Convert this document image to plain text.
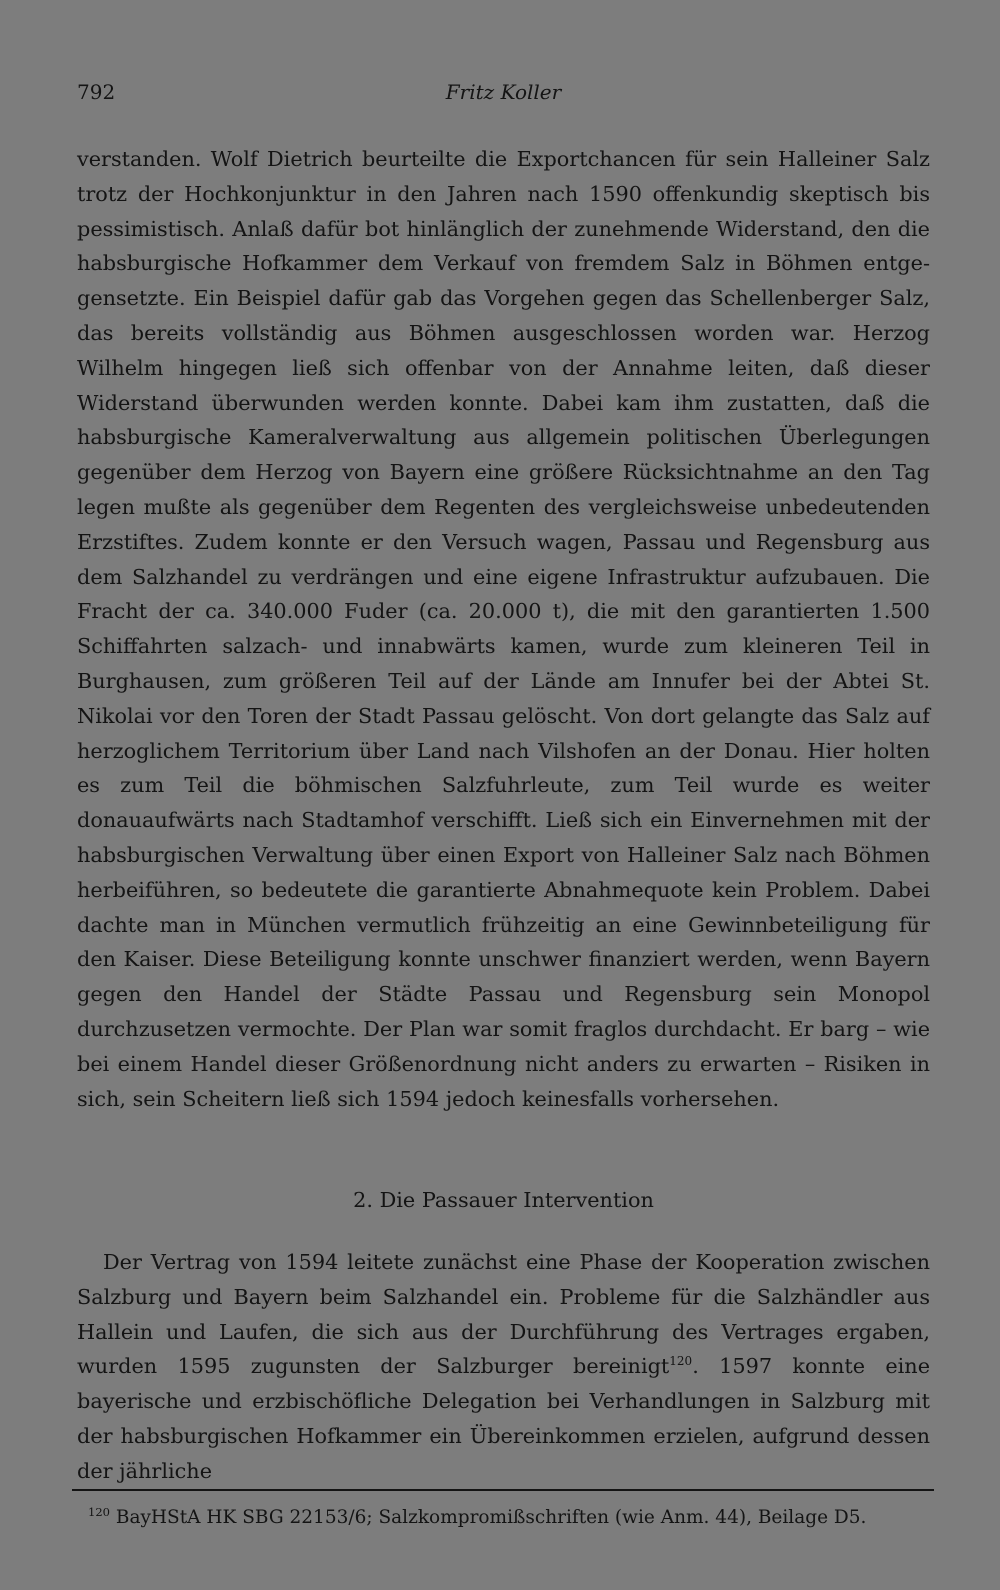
792	Fritz Koller

verstanden. Wolf Dietrich beurteilte die Exportchancen für sein Halleiner Salz trotz der Hochkonjunktur in den Jahren nach 1590 offenkundig skeptisch bis pessimistisch. Anlaß dafür bot hinlänglich der zunehmende Widerstand, den die habsburgische Hofkammer dem Verkauf von fremdem Salz in Böhmen entgegensetzte. Ein Beispiel dafür gab das Vorgehen gegen das Schellenberger Salz, das bereits vollständig aus Böhmen ausgeschlossen worden war. Herzog Wilhelm hingegen ließ sich offenbar von der Annahme leiten, daß dieser Widerstand überwunden werden konnte. Dabei kam ihm zustatten, daß die habsburgische Kameralverwaltung aus allgemein politischen Überlegungen gegenüber dem Herzog von Bayern eine größere Rücksichtnahme an den Tag legen mußte als gegenüber dem Regenten des vergleichsweise unbedeutenden Erzstiftes. Zudem konnte er den Versuch wagen, Passau und Regensburg aus dem Salzhandel zu verdrängen und eine eigene Infrastruktur aufzubauen. Die Fracht der ca. 340.000 Fuder (ca. 20.000 t), die mit den garantierten 1.500 Schiffahrten salzach- und innabwärts kamen, wurde zum kleineren Teil in Burghausen, zum größeren Teil auf der Lände am Innufer bei der Abtei St. Nikolai vor den Toren der Stadt Passau gelöscht. Von dort gelangte das Salz auf herzoglichem Territorium über Land nach Vilshofen an der Donau. Hier holten es zum Teil die böhmischen Salzfuhrleute, zum Teil wurde es weiter donauaufwärts nach Stadtamhof verschifft. Ließ sich ein Einvernehmen mit der habsburgischen Verwaltung über einen Export von Halleiner Salz nach Böhmen herbeiführen, so bedeutete die garantierte Abnahmequote kein Problem. Dabei dachte man in München vermutlich frühzeitig an eine Gewinnbeteiligung für den Kaiser. Diese Beteiligung konnte unschwer finanziert werden, wenn Bayern gegen den Handel der Städte Passau und Regensburg sein Monopol durchzusetzen vermochte. Der Plan war somit fraglos durchdacht. Er barg – wie bei einem Handel dieser Größenordnung nicht anders zu erwarten – Risiken in sich, sein Scheitern ließ sich 1594 jedoch keinesfalls vorhersehen.

2. Die Passauer Intervention

Der Vertrag von 1594 leitete zunächst eine Phase der Kooperation zwischen Salzburg und Bayern beim Salzhandel ein. Probleme für die Salzhändler aus Hallein und Laufen, die sich aus der Durchführung des Vertrages ergaben, wurden 1595 zugunsten der Salzburger bereinigt$^{120}$. 1597 konnte eine bayerische und erzbischöfliche Delegation bei Verhandlungen in Salzburg mit der habsburgischen Hofkammer ein Übereinkommen erzielen, aufgrund dessen der jährliche

$^{120}$ BayHStA HK SBG 22153/6; Salzkompromißschriften (wie Anm. 44), Beilage D5.
